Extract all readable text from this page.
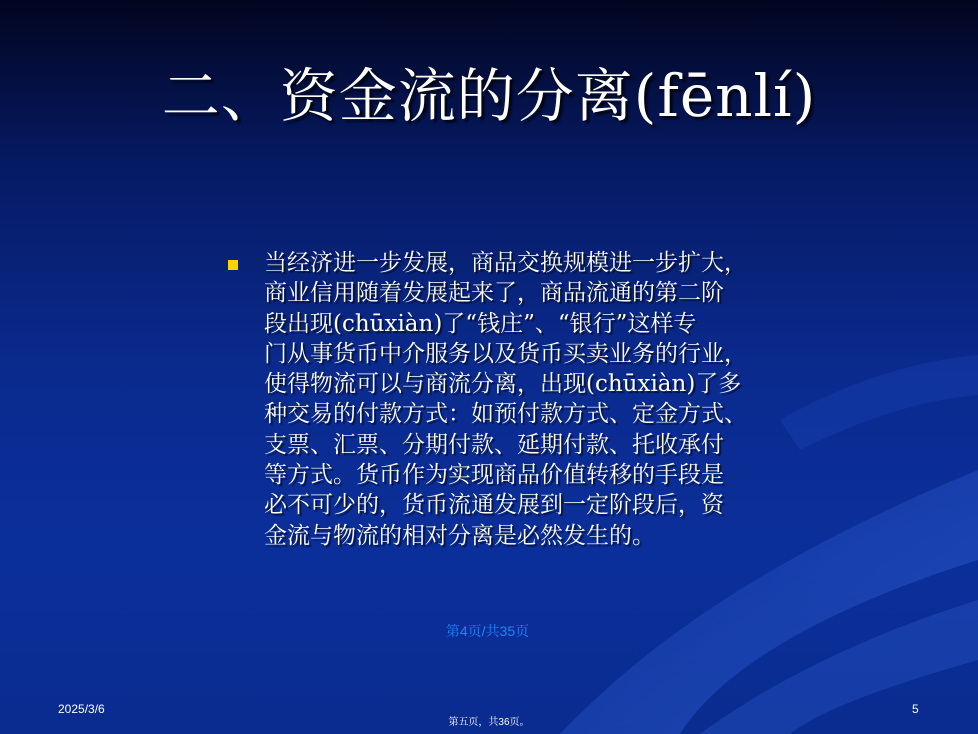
二、资金流的分离(fēnlí)

当经济进一步发展，商品交换规模进一步扩大，
商业信用随着发展起来了，商品流通的第二阶
段出现(chūxiàn)了“钱庄”、“银行”这样专
门从事货币中介服务以及货币买卖业务的行业，
使得物流可以与商流分离，出现(chūxiàn)了多
种交易的付款方式：如预付款方式、定金方式、
支票、汇票、分期付款、延期付款、托收承付
等方式。货币作为实现商品价值转移的手段是
必不可少的，货币流通发展到一定阶段后，资
金流与物流的相对分离是必然发生的。

第4页/共35页
2025/3/6	5
第五页，共36页。
